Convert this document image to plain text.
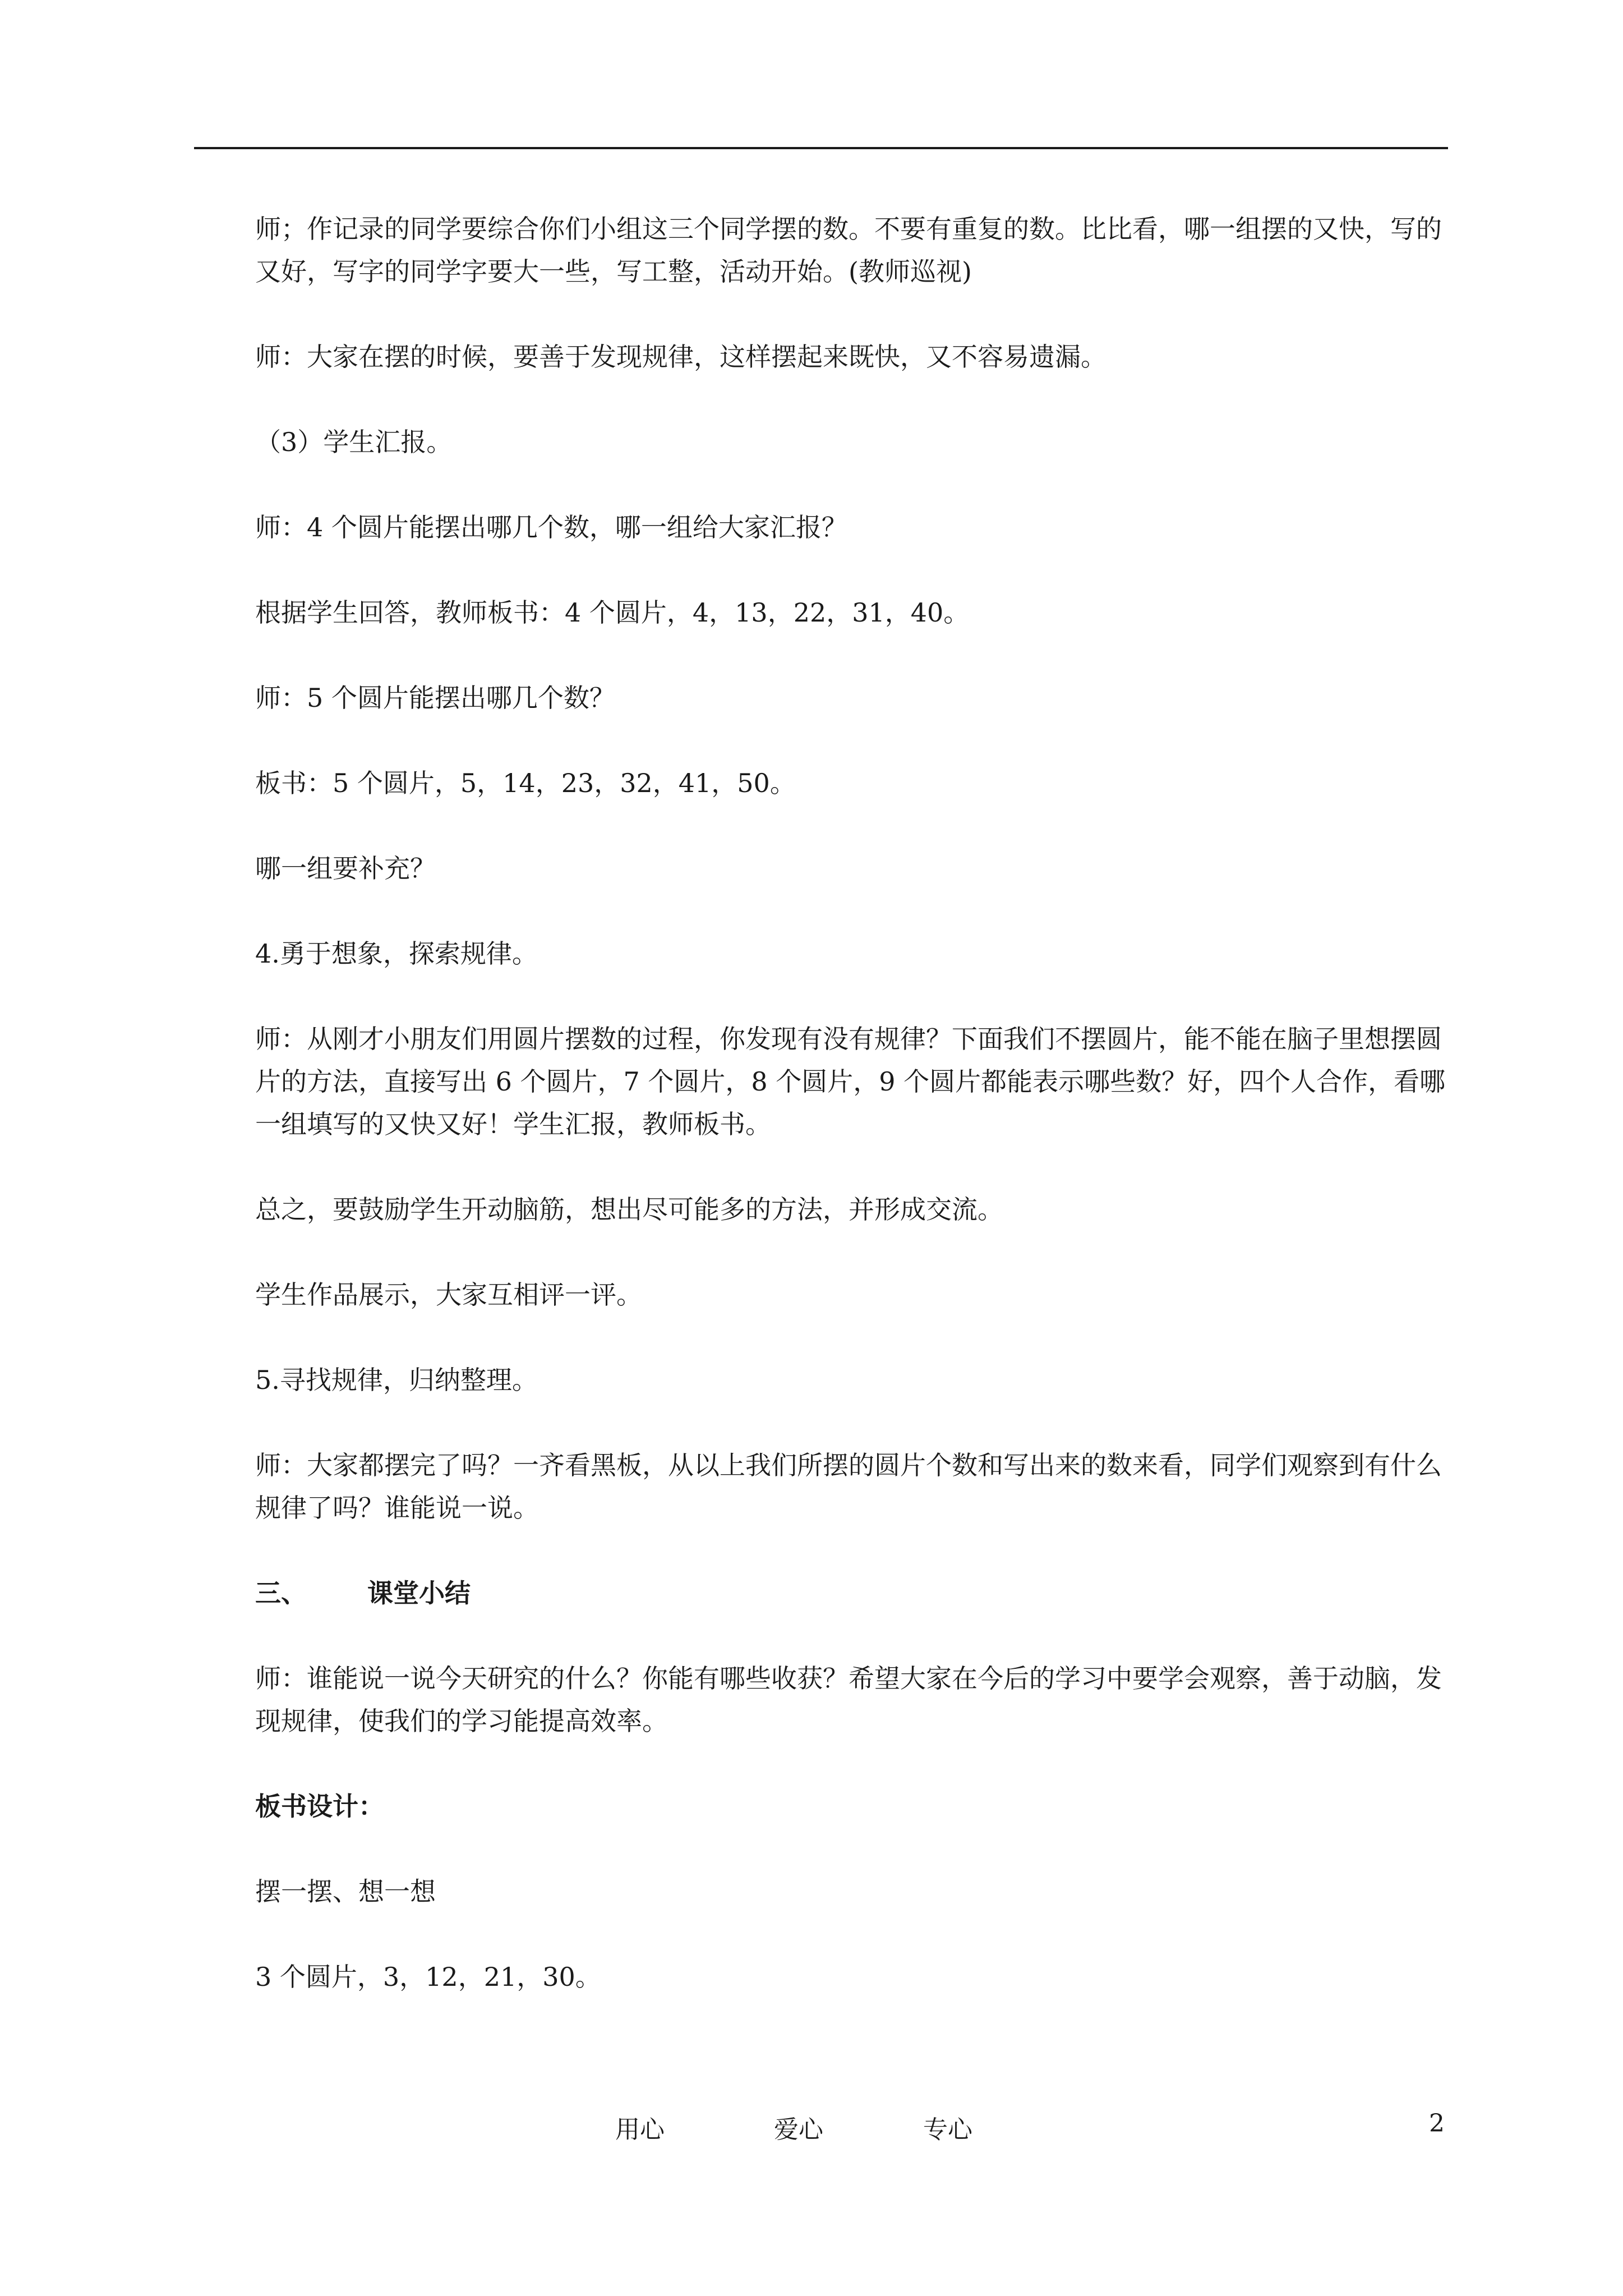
师；作记录的同学要综合你们小组这三个同学摆的数。不要有重复的数。比比看，哪一组摆的又快，写的又好，写字的同学字要大一些，写工整，活动开始。(教师巡视)

师：大家在摆的时候，要善于发现规律，这样摆起来既快，又不容易遗漏。

（3）学生汇报。

师：4 个圆片能摆出哪几个数，哪一组给大家汇报？

根据学生回答，教师板书：4 个圆片，4，13，22，31，40。

师：5 个圆片能摆出哪几个数？

板书：5 个圆片，5，14，23，32，41，50。

哪一组要补充？

4.勇于想象，探索规律。

师：从刚才小朋友们用圆片摆数的过程，你发现有没有规律？下面我们不摆圆片，能不能在脑子里想摆圆片的方法，直接写出 6 个圆片，7 个圆片，8 个圆片，9 个圆片都能表示哪些数？好，四个人合作，看哪一组填写的又快又好！学生汇报，教师板书。

总之，要鼓励学生开动脑筋，想出尽可能多的方法，并形成交流。

学生作品展示，大家互相评一评。

5.寻找规律，归纳整理。

师：大家都摆完了吗？一齐看黑板，从以上我们所摆的圆片个数和写出来的数来看，同学们观察到有什么规律了吗？谁能说一说。

三、	课堂小结

师：谁能说一说今天研究的什么？你能有哪些收获？希望大家在今后的学习中要学会观察，善于动脑，发现规律，使我们的学习能提高效率。

板书设计：

摆一摆、想一想

3 个圆片，3，12，21，30。

用心	爱心	专心	2
